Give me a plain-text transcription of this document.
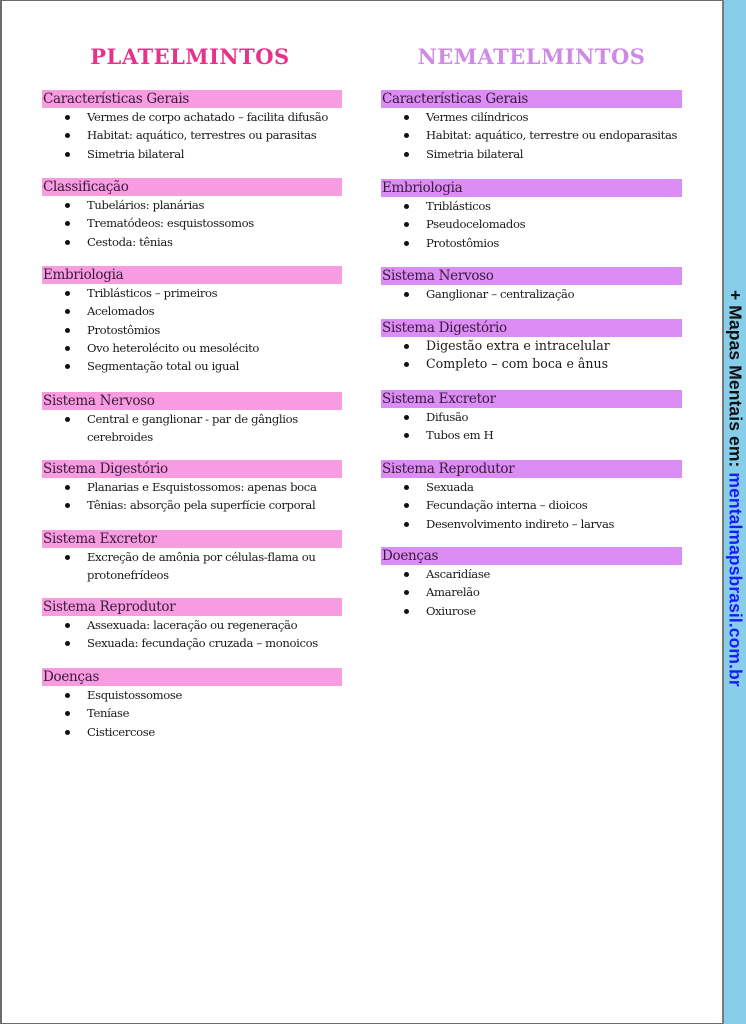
PLATELMINTOS
Características Gerais
Vermes de corpo achatado – facilita difusão
Habitat: aquático, terrestres ou parasitas
Simetria bilateral
Classificação
Tubelários: planárias
Trematódeos: esquistossomos
Cestoda: tênias
Embriologia
Triblásticos – primeiros
Acelomados
Protostômios
Ovo heterolécito ou mesolécito
Segmentação total ou igual
Sistema Nervoso
Central e ganglionar - par de gânglios cerebroides
Sistema Digestório
Planarias e Esquistossomos: apenas boca
Tênias: absorção pela superfície corporal
Sistema Excretor
Excreção de amônia por células-flama ou protonefrídeos
Sistema Reprodutor
Assexuada: laceração ou regeneração
Sexuada: fecundação cruzada – monoicos
Doenças
Esquistossomose
Teníase
Cisticercose
NEMATELMINTOS
Características Gerais
Vermes cilíndricos
Habitat: aquático, terrestre ou endoparasitas
Simetria bilateral
Embriologia
Triblásticos
Pseudocelomados
Protostômios
Sistema Nervoso
Ganglionar – centralização
Sistema Digestório
Digestão extra e intracelular
Completo – com boca e ânus
Sistema Excretor
Difusão
Tubos em H
Sistema Reprodutor
Sexuada
Fecundação interna – dioicos
Desenvolvimento indireto – larvas
Doenças
Ascaridíase
Amarelão
Oxiurose
+ Mapas Mentais em: mentalmapsbrasil.com.br
